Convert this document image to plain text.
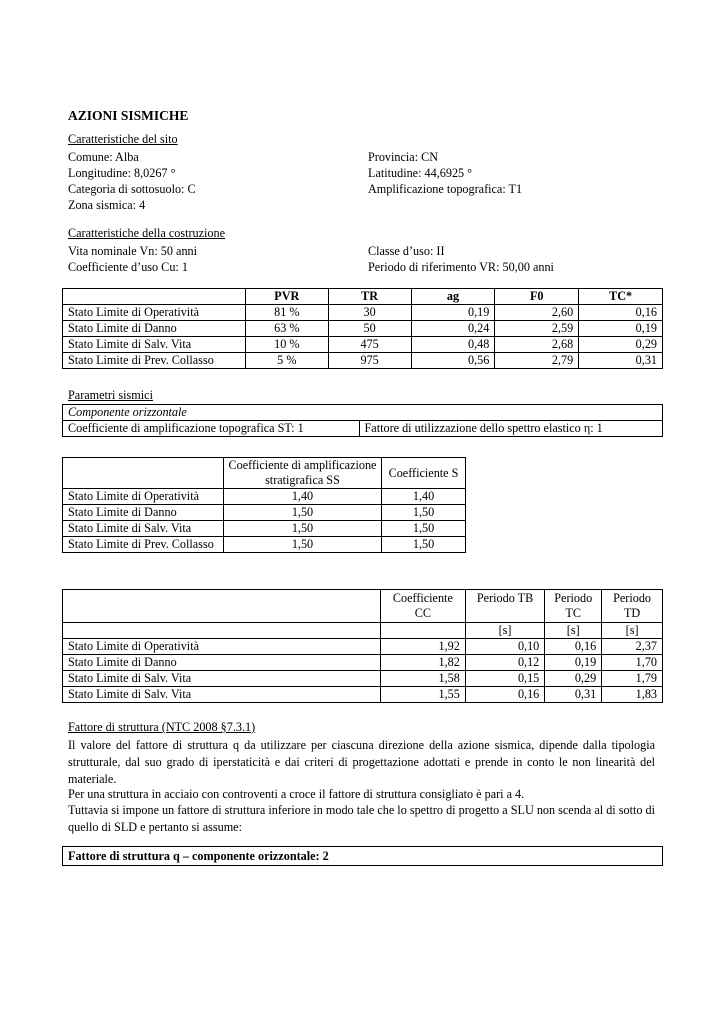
AZIONI SISMICHE
Caratteristiche del sito
Comune: Alba
Longitudine: 8,0267 °
Categoria di sottosuolo: C
Zona sismica: 4
Provincia: CN
Latitudine: 44,6925 °
Amplificazione topografica: T1
Caratteristiche della costruzione
Vita nominale Vn: 50 anni
Coefficiente d’uso Cu: 1
Classe d’uso: II
Periodo di riferimento VR: 50,00 anni
	PVR	TR	ag	F0	TC*
Stato Limite di Operatività	81 %	30	0,19	2,60	0,16
Stato Limite di Danno	63 %	50	0,24	2,59	0,19
Stato Limite di Salv. Vita	10 %	475	0,48	2,68	0,29
Stato Limite di Prev. Collasso	5 %	975	0,56	2,79	0,31
Parametri sismici
Componente orizzontale
Coefficiente di amplificazione topografica ST: 1	Fattore di utilizzazione dello spettro elastico η: 1
	Coefficiente di amplificazione stratigrafica SS	Coefficiente S
Stato Limite di Operatività	1,40	1,40
Stato Limite di Danno	1,50	1,50
Stato Limite di Salv. Vita	1,50	1,50
Stato Limite di Prev. Collasso	1,50	1,50
	Coefficiente CC	Periodo TB	Periodo TC	Periodo TD
		[s]	[s]	[s]
Stato Limite di Operatività	1,92	0,10	0,16	2,37
Stato Limite di Danno	1,82	0,12	0,19	1,70
Stato Limite di Salv. Vita	1,58	0,15	0,29	1,79
Stato Limite di Salv. Vita	1,55	0,16	0,31	1,83
Fattore di struttura (NTC 2008 §7.3.1)
Il valore del fattore di struttura q da utilizzare per ciascuna direzione della azione sismica, dipende dalla tipologia strutturale, dal suo grado di iperstaticità e dai criteri di progettazione adottati e prende in conto le non linearità del materiale.
Per una struttura in acciaio con controventi a croce il fattore di struttura consigliato è pari a 4.
Tuttavia si impone un fattore di struttura inferiore in modo tale che lo spettro di progetto a SLU non scenda al di sotto di quello di SLD e pertanto si assume:
Fattore di struttura q – componente orizzontale: 2
